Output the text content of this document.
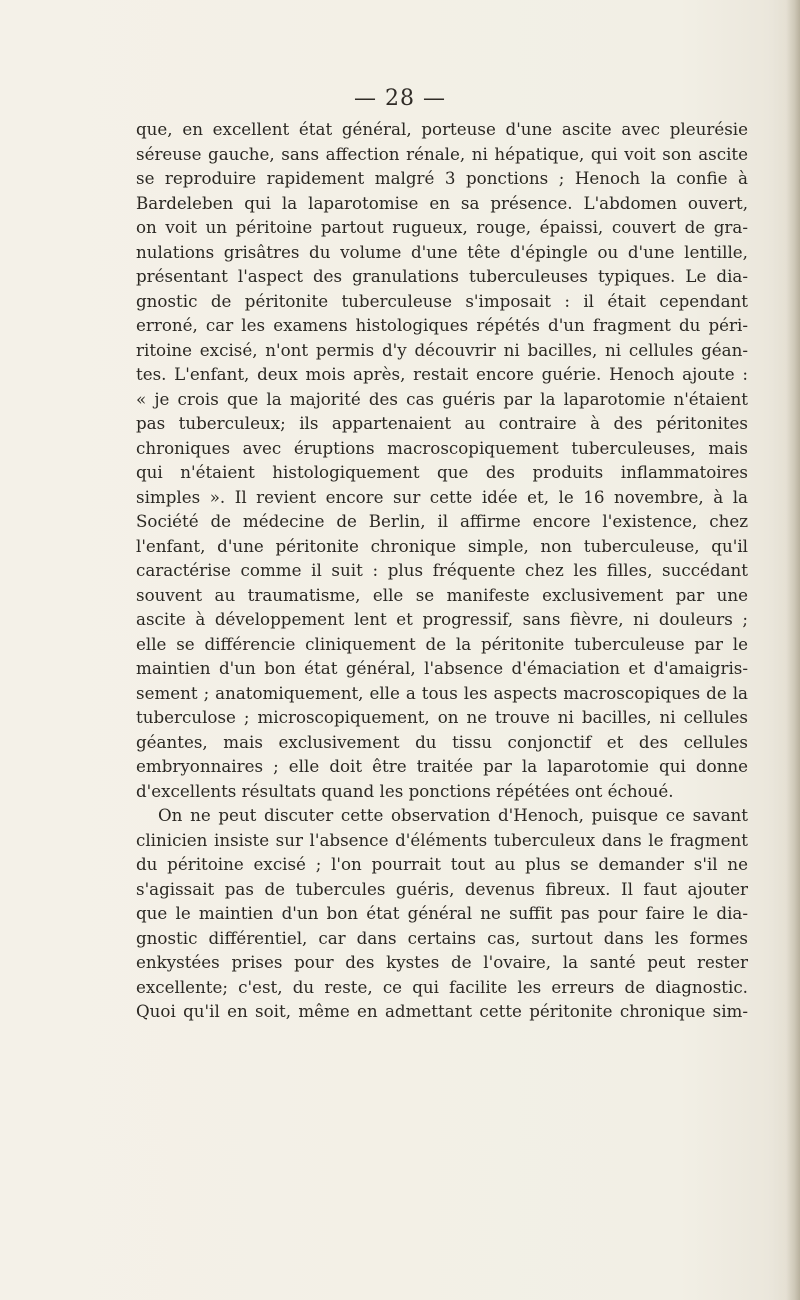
— 28 —

que, en excellent état général, porteuse d'une ascite avec pleurésie
séreuse gauche, sans affection rénale, ni hépatique, qui voit son ascite
se reproduire rapidement malgré 3 ponctions ; Henoch la confie à
Bardeleben qui la laparotomise en sa présence. L'abdomen ouvert,
on voit un péritoine partout rugueux, rouge, épaissi, couvert de gra-
nulations grisâtres du volume d'une tête d'épingle ou d'une lentille,
présentant l'aspect des granulations tuberculeuses typiques. Le dia-
gnostic de péritonite tuberculeuse s'imposait : il était cependant
erroné, car les examens histologiques répétés d'un fragment du péri-
ritoine excisé, n'ont permis d'y découvrir ni bacilles, ni cellules géan-
tes. L'enfant, deux mois après, restait encore guérie. Henoch ajoute :
« je crois que la majorité des cas guéris par la laparotomie n'étaient
pas tuberculeux; ils appartenaient au contraire à des péritonites
chroniques avec éruptions macroscopiquement tuberculeuses, mais
qui n'étaient histologiquement que des produits inflammatoires
simples ». Il revient encore sur cette idée et, le 16 novembre, à la
Société de médecine de Berlin, il affirme encore l'existence, chez
l'enfant, d'une péritonite chronique simple, non tuberculeuse, qu'il
caractérise comme il suit : plus fréquente chez les filles, succédant
souvent au traumatisme, elle se manifeste exclusivement par une
ascite à développement lent et progressif, sans fièvre, ni douleurs ;
elle se différencie cliniquement de la péritonite tuberculeuse par le
maintien d'un bon état général, l'absence d'émaciation et d'amaigris-
sement ; anatomiquement, elle a tous les aspects macroscopiques de la
tuberculose ; microscopiquement, on ne trouve ni bacilles, ni cellules
géantes, mais exclusivement du tissu conjonctif et des cellules
embryonnaires ; elle doit être traitée par la laparotomie qui donne
d'excellents résultats quand les ponctions répétées ont échoué.

On ne peut discuter cette observation d'Henoch, puisque ce savant
clinicien insiste sur l'absence d'éléments tuberculeux dans le fragment
du péritoine excisé ; l'on pourrait tout au plus se demander s'il ne
s'agissait pas de tubercules guéris, devenus fibreux. Il faut ajouter
que le maintien d'un bon état général ne suffit pas pour faire le dia-
gnostic différentiel, car dans certains cas, surtout dans les formes
enkystées prises pour des kystes de l'ovaire, la santé peut rester
excellente; c'est, du reste, ce qui facilite les erreurs de diagnostic.
Quoi qu'il en soit, même en admettant cette péritonite chronique sim-
